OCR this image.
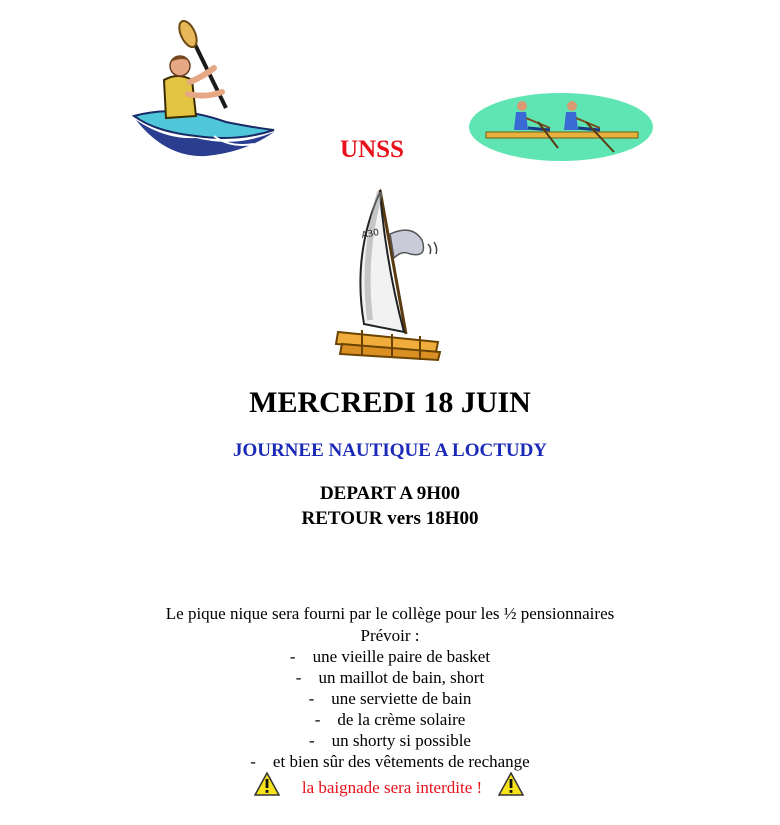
UNSS
A30
MERCREDI 18 JUIN
JOURNEE NAUTIQUE A LOCTUDY
DEPART A 9H00
RETOUR vers 18H00
Le pique nique sera fourni par le collège pour les ½ pensionnaires
Prévoir :
-    une vieille paire de basket
-    un maillot de bain, short
-    une serviette de bain
-    de la crème solaire
-    un shorty si possible
-    et bien sûr des vêtements de rechange
la baignade sera interdite !
